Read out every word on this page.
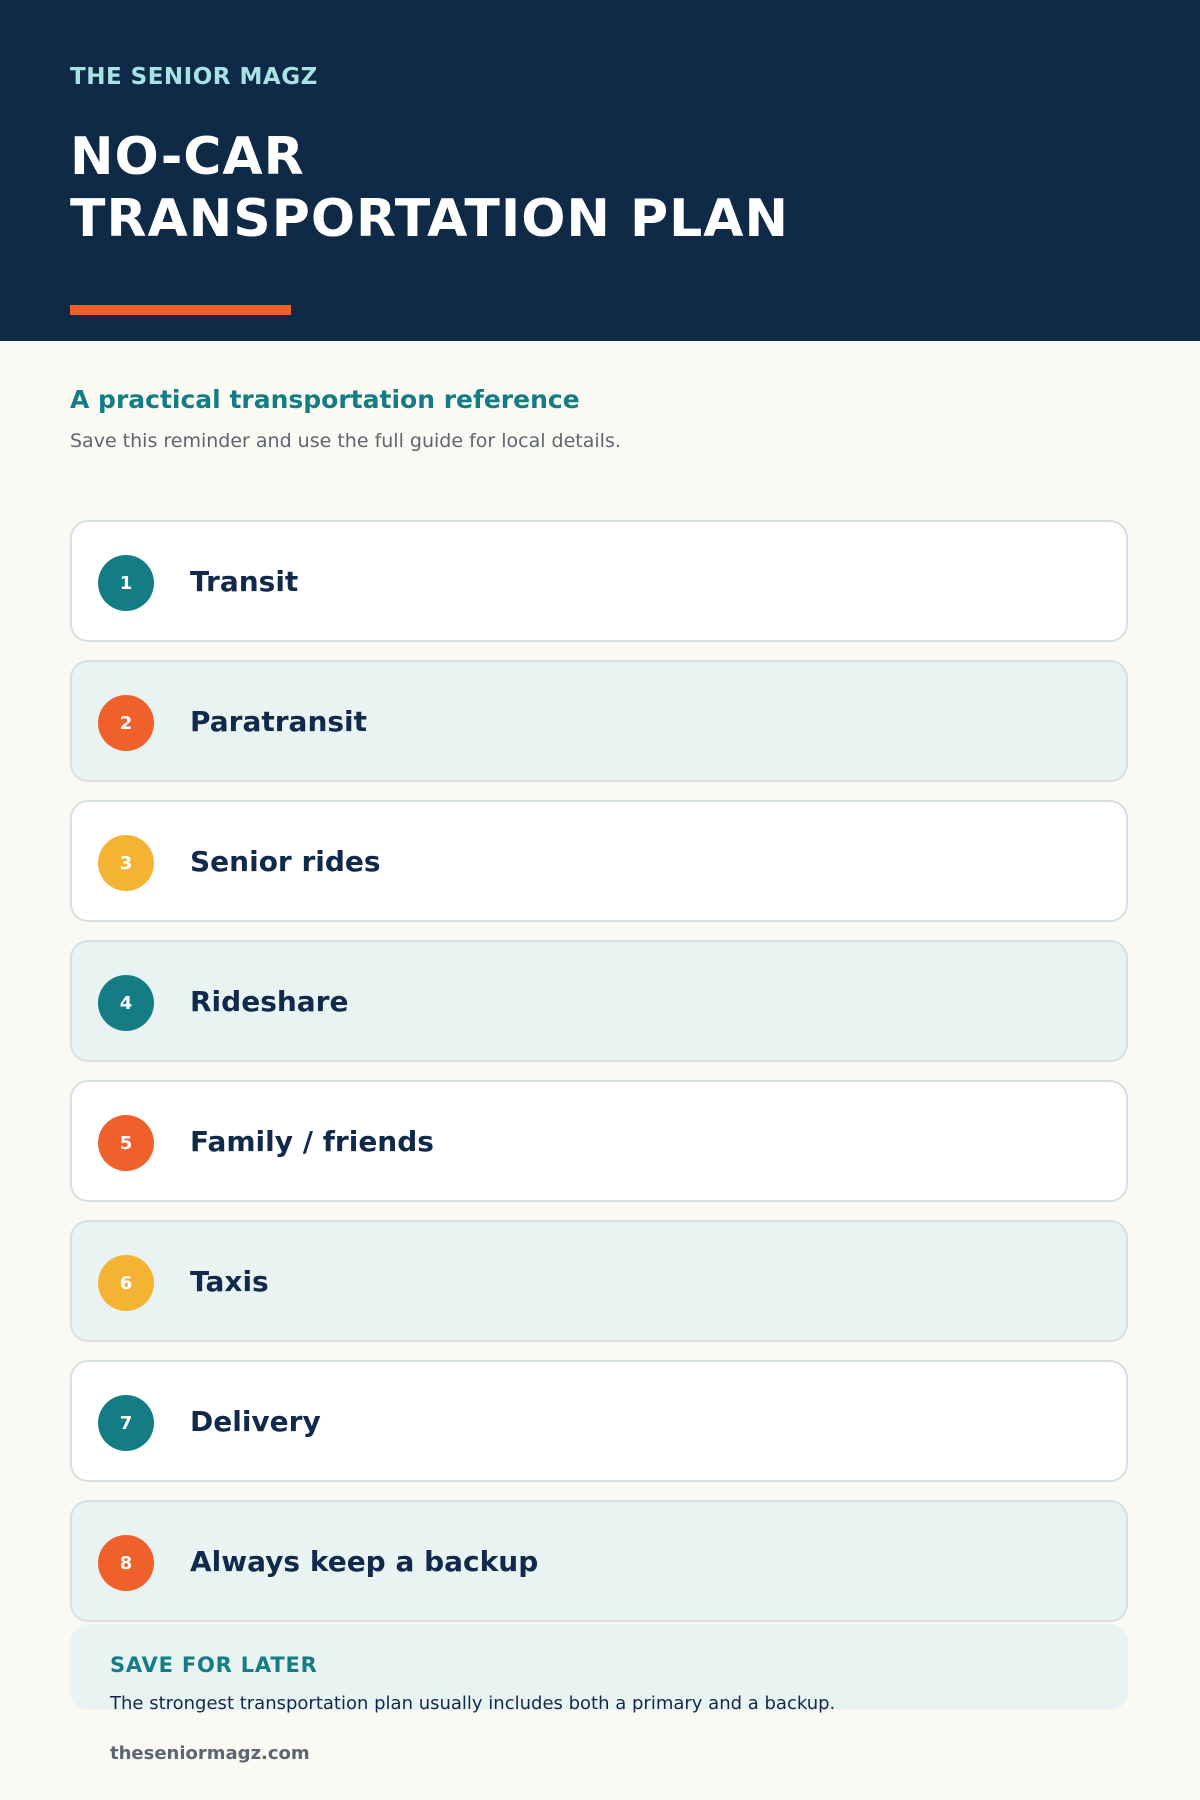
THE SENIOR MAGZ
NO-CAR
TRANSPORTATION PLAN
A practical transportation reference
Save this reminder and use the full guide for local details.
1	Transit
2	Paratransit
3	Senior rides
4	Rideshare
5	Family / friends
6	Taxis
7	Delivery
8	Always keep a backup
SAVE FOR LATER
The strongest transportation plan usually includes both a primary and a backup.
theseniormagz.com
